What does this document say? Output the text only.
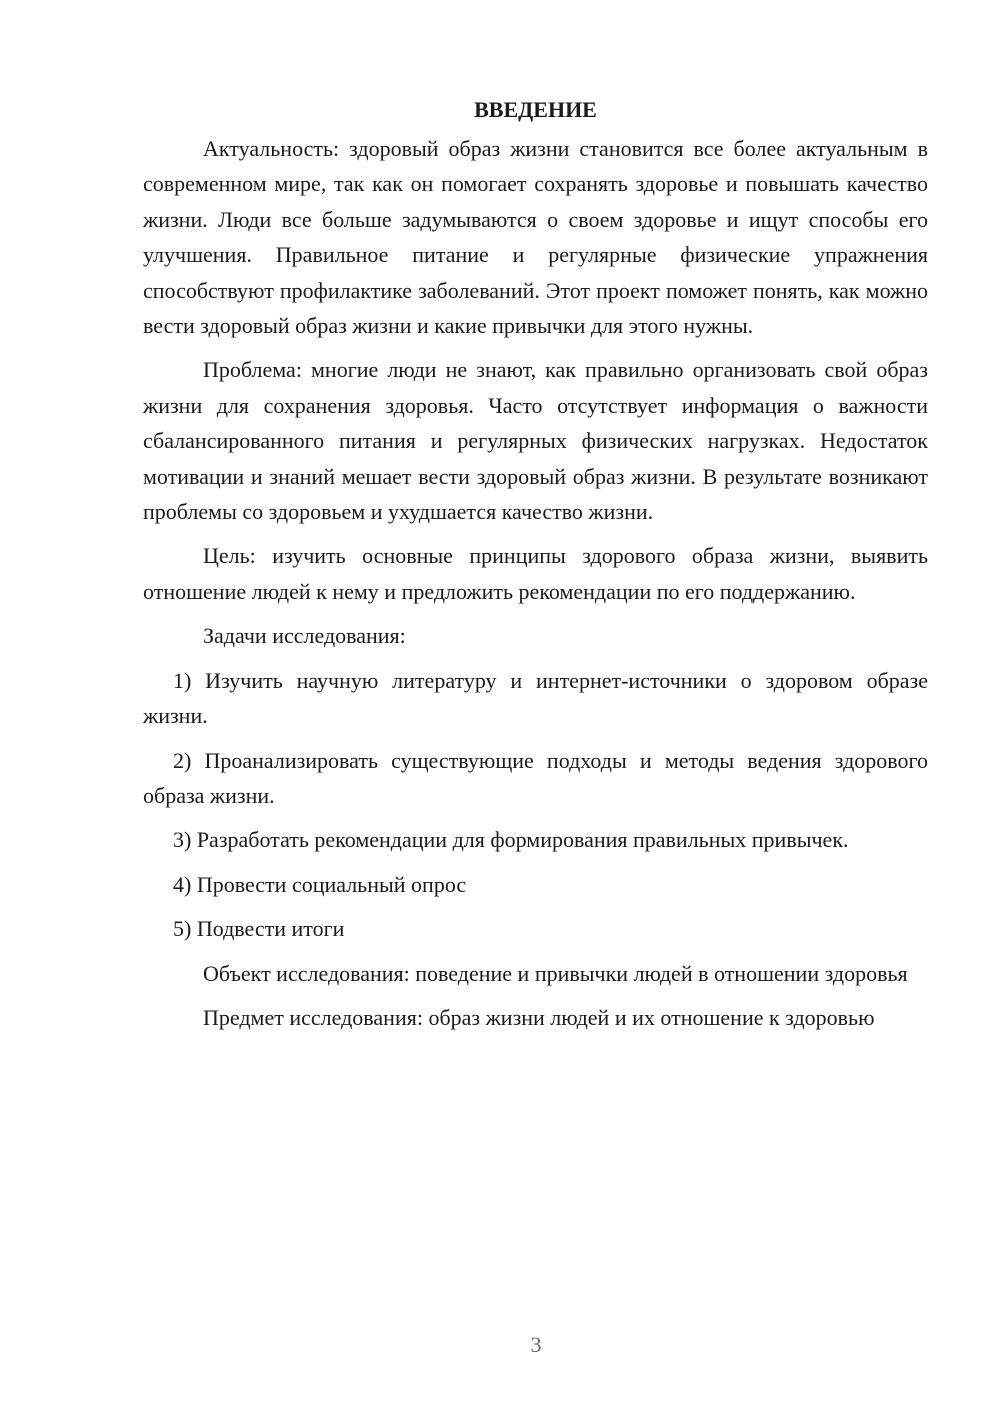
ВВЕДЕНИЕ

Актуальность: здоровый образ жизни становится все более актуальным в современном мире, так как он помогает сохранять здоровье и повышать качество жизни. Люди все больше задумываются о своем здоровье и ищут способы его улучшения. Правильное питание и регулярные физические упражнения способствуют профилактике заболеваний. Этот проект поможет понять, как можно вести здоровый образ жизни и какие привычки для этого нужны.

Проблема: многие люди не знают, как правильно организовать свой образ жизни для сохранения здоровья. Часто отсутствует информация о важности сбалансированного питания и регулярных физических нагрузках. Недостаток мотивации и знаний мешает вести здоровый образ жизни. В результате возникают проблемы со здоровьем и ухудшается качество жизни.

Цель: изучить основные принципы здорового образа жизни, выявить отношение людей к нему и предложить рекомендации по его поддержанию.

Задачи исследования:

1) Изучить научную литературу и интернет-источники о здоровом образе жизни.

2) Проанализировать существующие подходы и методы ведения здорового образа жизни.

3) Разработать рекомендации для формирования правильных привычек.

4) Провести социальный опрос

5) Подвести итоги

Объект исследования: поведение и привычки людей в отношении здоровья

Предмет исследования: образ жизни людей и их отношение к здоровью

3
